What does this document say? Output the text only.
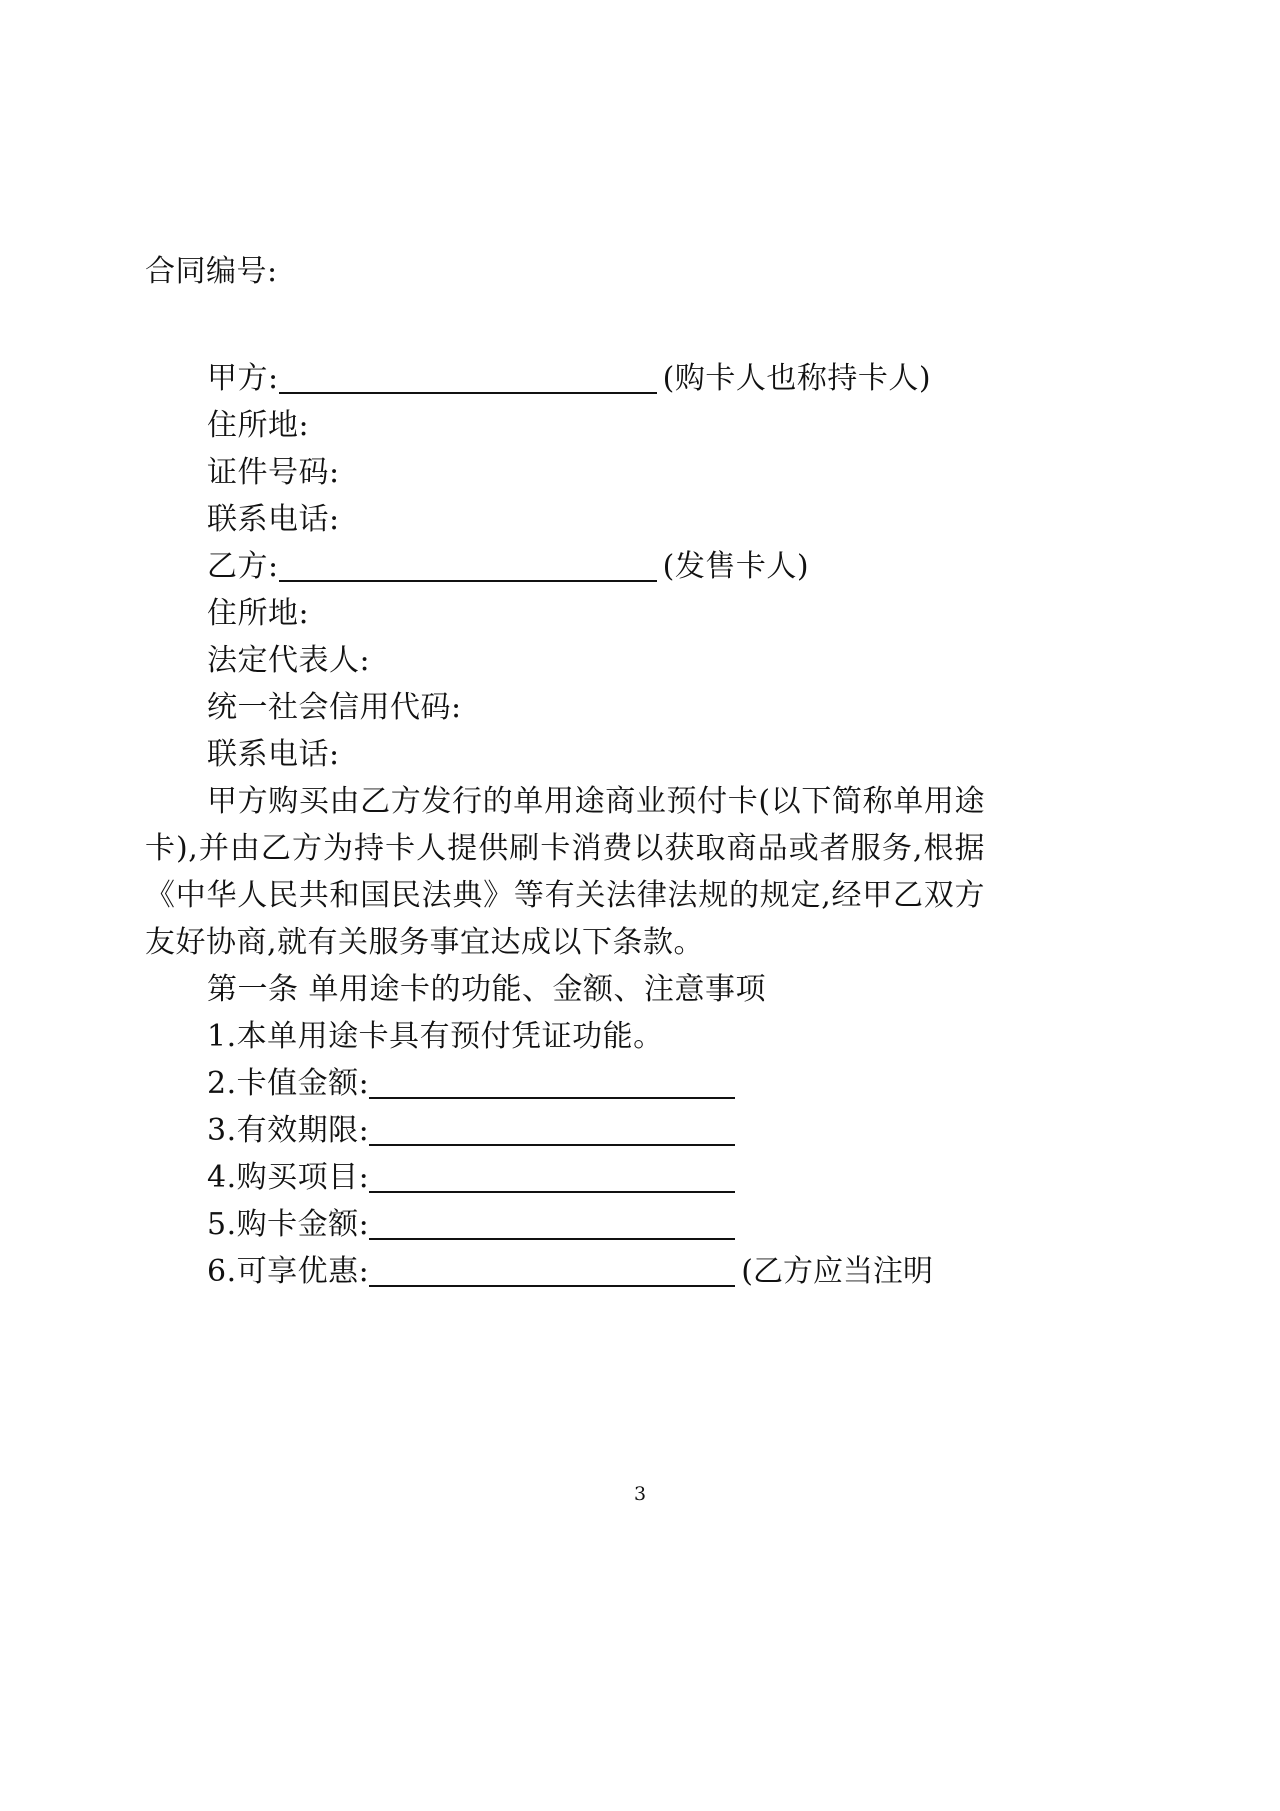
合同编号:
甲方:	(购卡人也称持卡人)
住所地:
证件号码:
联系电话:
乙方:	(发售卡人)
住所地:
法定代表人:
统一社会信用代码:
联系电话:
甲方购买由乙方发行的单用途商业预付卡(以下简称单用途卡),并由乙方为持卡人提供刷卡消费以获取商品或者服务,根据《中华人民共和国民法典》等有关法律法规的规定,经甲乙双方友好协商,就有关服务事宜达成以下条款。
第一条 单用途卡的功能、金额、注意事项
1.本单用途卡具有预付凭证功能。
2.卡值金额:
3.有效期限:
4.购买项目:
5.购卡金额:
6.可享优惠:	(乙方应当注明
3
